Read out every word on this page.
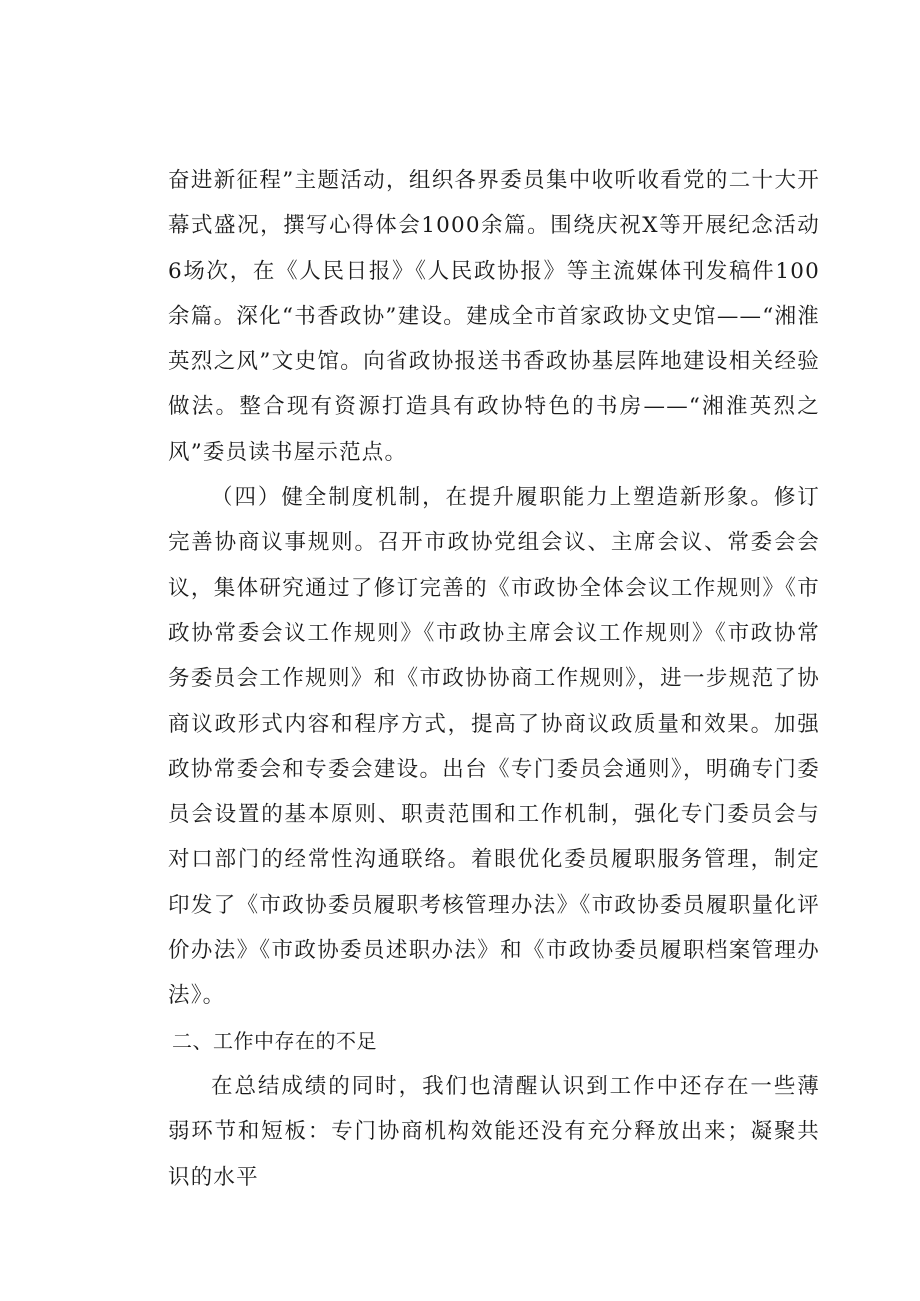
奋进新征程”主题活动，组织各界委员集中收听收看党的二十大开幕式盛况，撰写心得体会1000余篇。围绕庆祝X等开展纪念活动6场次，在《人民日报》《人民政协报》等主流媒体刊发稿件100余篇。深化“书香政协”建设。建成全市首家政协文史馆——“湘淮英烈之风”文史馆。向省政协报送书香政协基层阵地建设相关经验做法。整合现有资源打造具有政协特色的书房——“湘淮英烈之风”委员读书屋示范点。

（四）健全制度机制，在提升履职能力上塑造新形象。修订完善协商议事规则。召开市政协党组会议、主席会议、常委会会议，集体研究通过了修订完善的《市政协全体会议工作规则》《市政协常委会议工作规则》《市政协主席会议工作规则》《市政协常务委员会工作规则》和《市政协协商工作规则》，进一步规范了协商议政形式内容和程序方式，提高了协商议政质量和效果。加强政协常委会和专委会建设。出台《专门委员会通则》，明确专门委员会设置的基本原则、职责范围和工作机制，强化专门委员会与对口部门的经常性沟通联络。着眼优化委员履职服务管理，制定印发了《市政协委员履职考核管理办法》《市政协委员履职量化评价办法》《市政协委员述职办法》和《市政协委员履职档案管理办法》。

二、工作中存在的不足

在总结成绩的同时，我们也清醒认识到工作中还存在一些薄弱环节和短板：专门协商机构效能还没有充分释放出来；凝聚共识的水平
